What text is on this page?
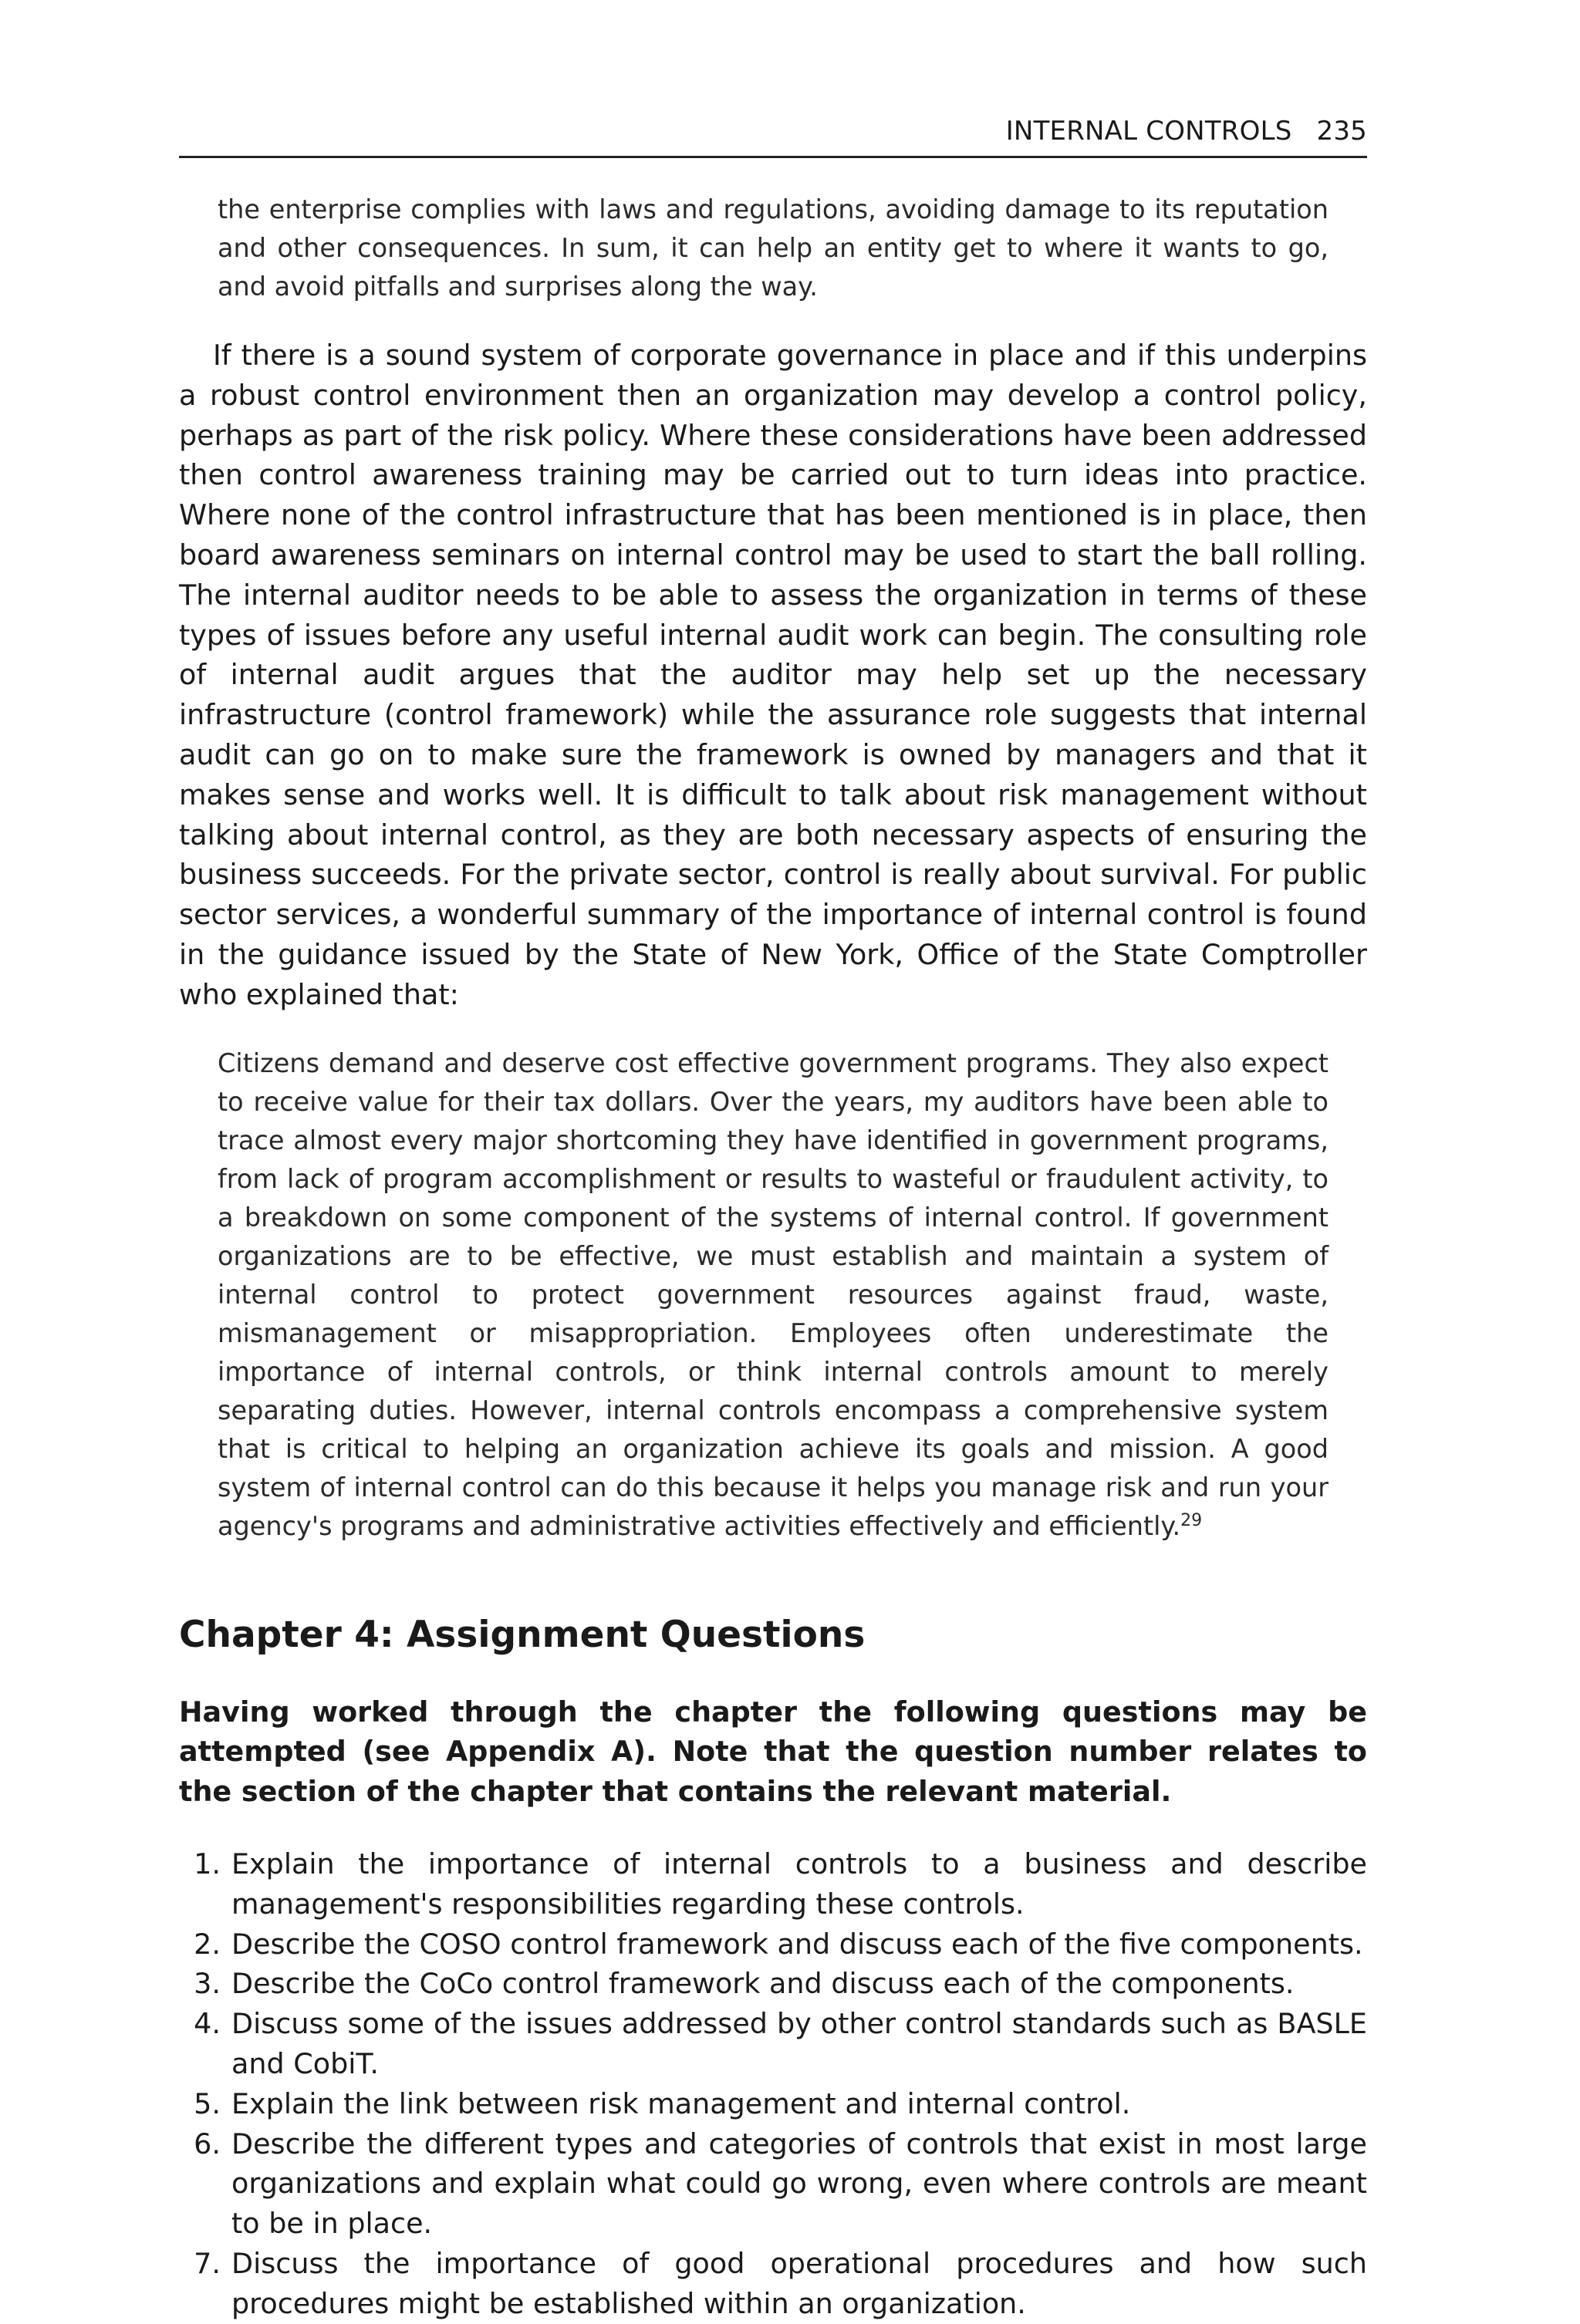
INTERNAL CONTROLS 235

the enterprise complies with laws and regulations, avoiding damage to its reputation and other consequences. In sum, it can help an entity get to where it wants to go, and avoid pitfalls and surprises along the way.

If there is a sound system of corporate governance in place and if this underpins a robust control environment then an organization may develop a control policy, perhaps as part of the risk policy. Where these considerations have been addressed then control awareness training may be carried out to turn ideas into practice. Where none of the control infrastructure that has been mentioned is in place, then board awareness seminars on internal control may be used to start the ball rolling. The internal auditor needs to be able to assess the organization in terms of these types of issues before any useful internal audit work can begin. The consulting role of internal audit argues that the auditor may help set up the necessary infrastructure (control framework) while the assurance role suggests that internal audit can go on to make sure the framework is owned by managers and that it makes sense and works well. It is difficult to talk about risk management without talking about internal control, as they are both necessary aspects of ensuring the business succeeds. For the private sector, control is really about survival. For public sector services, a wonderful summary of the importance of internal control is found in the guidance issued by the State of New York, Office of the State Comptroller who explained that:

Citizens demand and deserve cost effective government programs. They also expect to receive value for their tax dollars. Over the years, my auditors have been able to trace almost every major shortcoming they have identified in government programs, from lack of program accomplishment or results to wasteful or fraudulent activity, to a breakdown on some component of the systems of internal control. If government organizations are to be effective, we must establish and maintain a system of internal control to protect government resources against fraud, waste, mismanagement or misappropriation. Employees often underestimate the importance of internal controls, or think internal controls amount to merely separating duties. However, internal controls encompass a comprehensive system that is critical to helping an organization achieve its goals and mission. A good system of internal control can do this because it helps you manage risk and run your agency's programs and administrative activities effectively and efficiently.$^{29}$

Chapter 4: Assignment Questions

Having worked through the chapter the following questions may be attempted (see Appendix A). Note that the question number relates to the section of the chapter that contains the relevant material.

1. Explain the importance of internal controls to a business and describe management's responsibilities regarding these controls.
2. Describe the COSO control framework and discuss each of the five components.
3. Describe the CoCo control framework and discuss each of the components.
4. Discuss some of the issues addressed by other control standards such as BASLE and CobiT.
5. Explain the link between risk management and internal control.
6. Describe the different types and categories of controls that exist in most large organizations and explain what could go wrong, even where controls are meant to be in place.
7. Discuss the importance of good operational procedures and how such procedures might be established within an organization.
